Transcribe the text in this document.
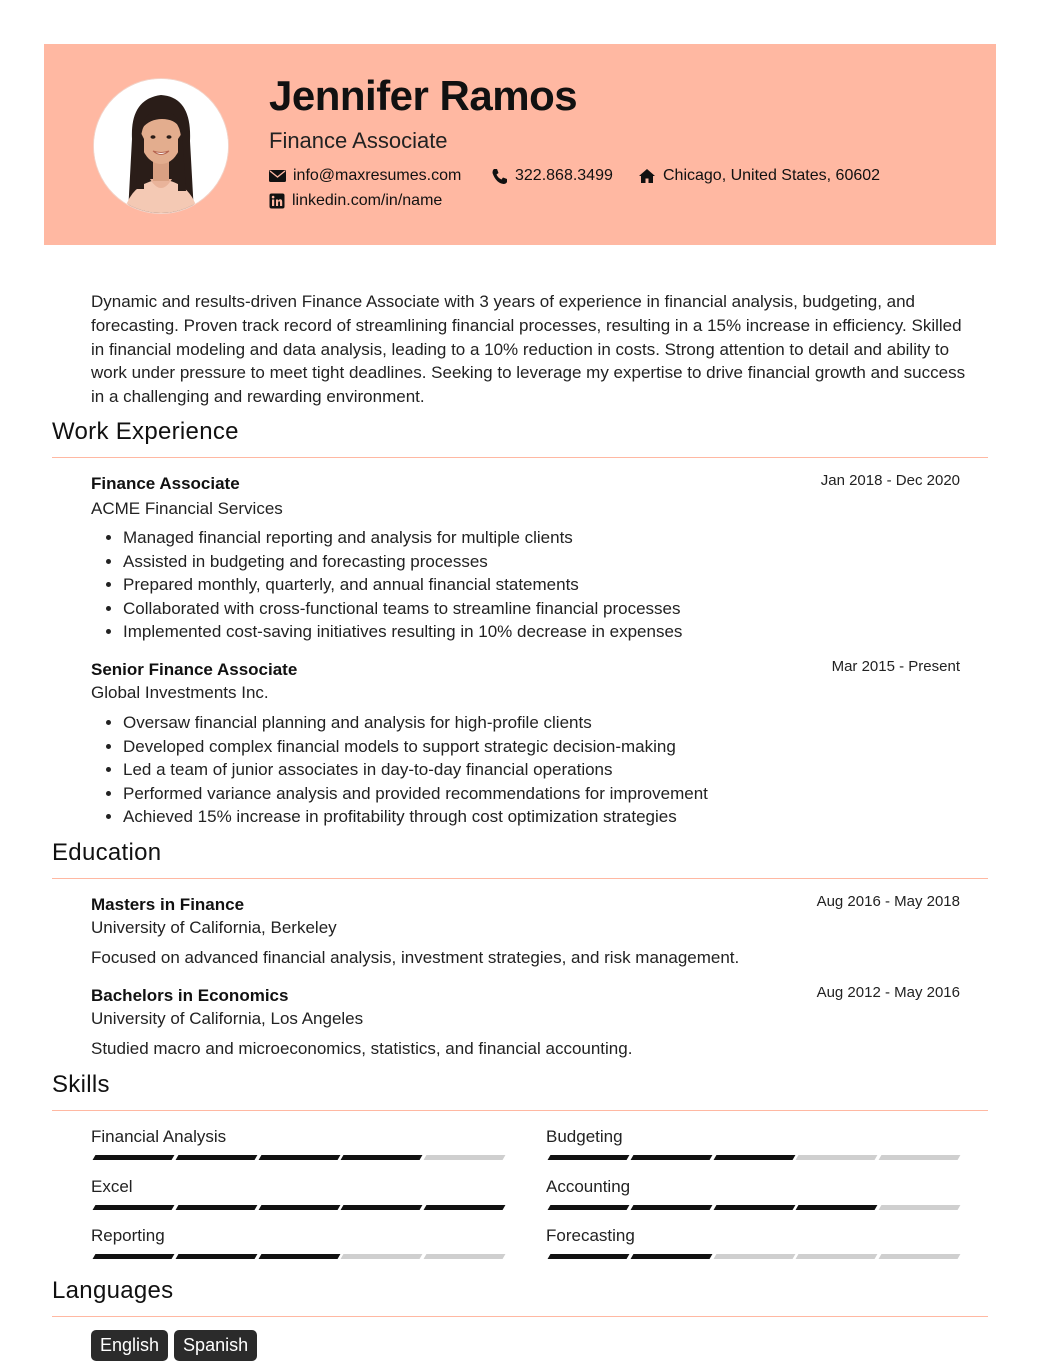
Jennifer Ramos
Finance Associate
info@maxresumes.com	322.868.3499	Chicago, United States, 60602
linkedin.com/in/name

Dynamic and results-driven Finance Associate with 3 years of experience in financial analysis, budgeting, and forecasting. Proven track record of streamlining financial processes, resulting in a 15% increase in efficiency. Skilled in financial modeling and data analysis, leading to a 10% reduction in costs. Strong attention to detail and ability to work under pressure to meet tight deadlines. Seeking to leverage my expertise to drive financial growth and success in a challenging and rewarding environment.

Work Experience
Finance Associate	Jan 2018 - Dec 2020
ACME Financial Services
• Managed financial reporting and analysis for multiple clients
• Assisted in budgeting and forecasting processes
• Prepared monthly, quarterly, and annual financial statements
• Collaborated with cross-functional teams to streamline financial processes
• Implemented cost-saving initiatives resulting in 10% decrease in expenses
Senior Finance Associate	Mar 2015 - Present
Global Investments Inc.
• Oversaw financial planning and analysis for high-profile clients
• Developed complex financial models to support strategic decision-making
• Led a team of junior associates in day-to-day financial operations
• Performed variance analysis and provided recommendations for improvement
• Achieved 15% increase in profitability through cost optimization strategies
Education
Masters in Finance	Aug 2016 - May 2018
University of California, Berkeley
Focused on advanced financial analysis, investment strategies, and risk management.
Bachelors in Economics	Aug 2012 - May 2016
University of California, Los Angeles
Studied macro and microeconomics, statistics, and financial accounting.
Skills
Financial Analysis	Budgeting
Excel	Accounting
Reporting	Forecasting
Languages
English	Spanish
